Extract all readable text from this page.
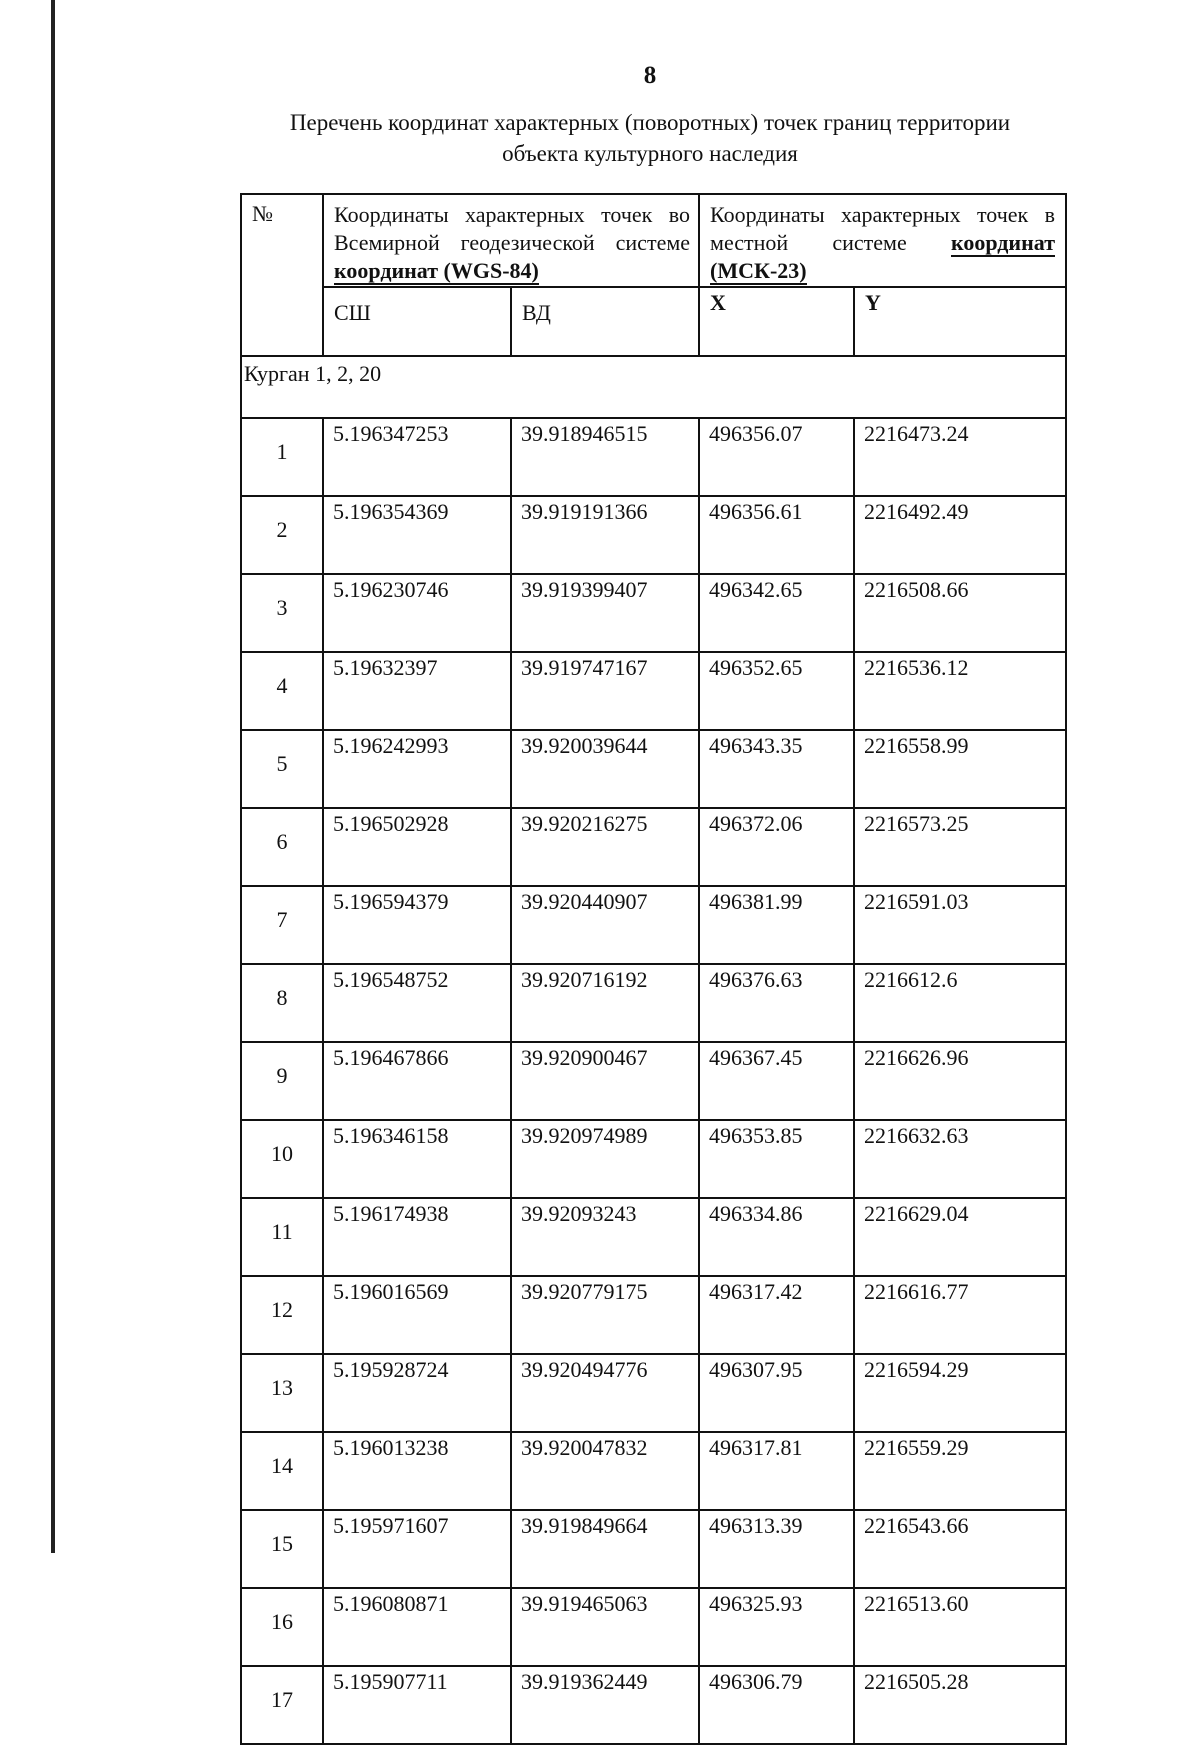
8
Перечень координат характерных (поворотных) точек границ территории
объекта культурного наследия
№	Координаты характерных точек во Всемирной геодезической системе координат (WGS-84)		Координаты характерных точек в местной системе координат (МСК-23)	
	СШ	ВД	X	Y
Курган 1, 2, 20				
1	5.196347253	39.918946515	496356.07	2216473.24
2	5.196354369	39.919191366	496356.61	2216492.49
3	5.196230746	39.919399407	496342.65	2216508.66
4	5.19632397	39.919747167	496352.65	2216536.12
5	5.196242993	39.920039644	496343.35	2216558.99
6	5.196502928	39.920216275	496372.06	2216573.25
7	5.196594379	39.920440907	496381.99	2216591.03
8	5.196548752	39.920716192	496376.63	2216612.6
9	5.196467866	39.920900467	496367.45	2216626.96
10	5.196346158	39.920974989	496353.85	2216632.63
11	5.196174938	39.92093243	496334.86	2216629.04
12	5.196016569	39.920779175	496317.42	2216616.77
13	5.195928724	39.920494776	496307.95	2216594.29
14	5.196013238	39.920047832	496317.81	2216559.29
15	5.195971607	39.919849664	496313.39	2216543.66
16	5.196080871	39.919465063	496325.93	2216513.60
17	5.195907711	39.919362449	496306.79	2216505.28
